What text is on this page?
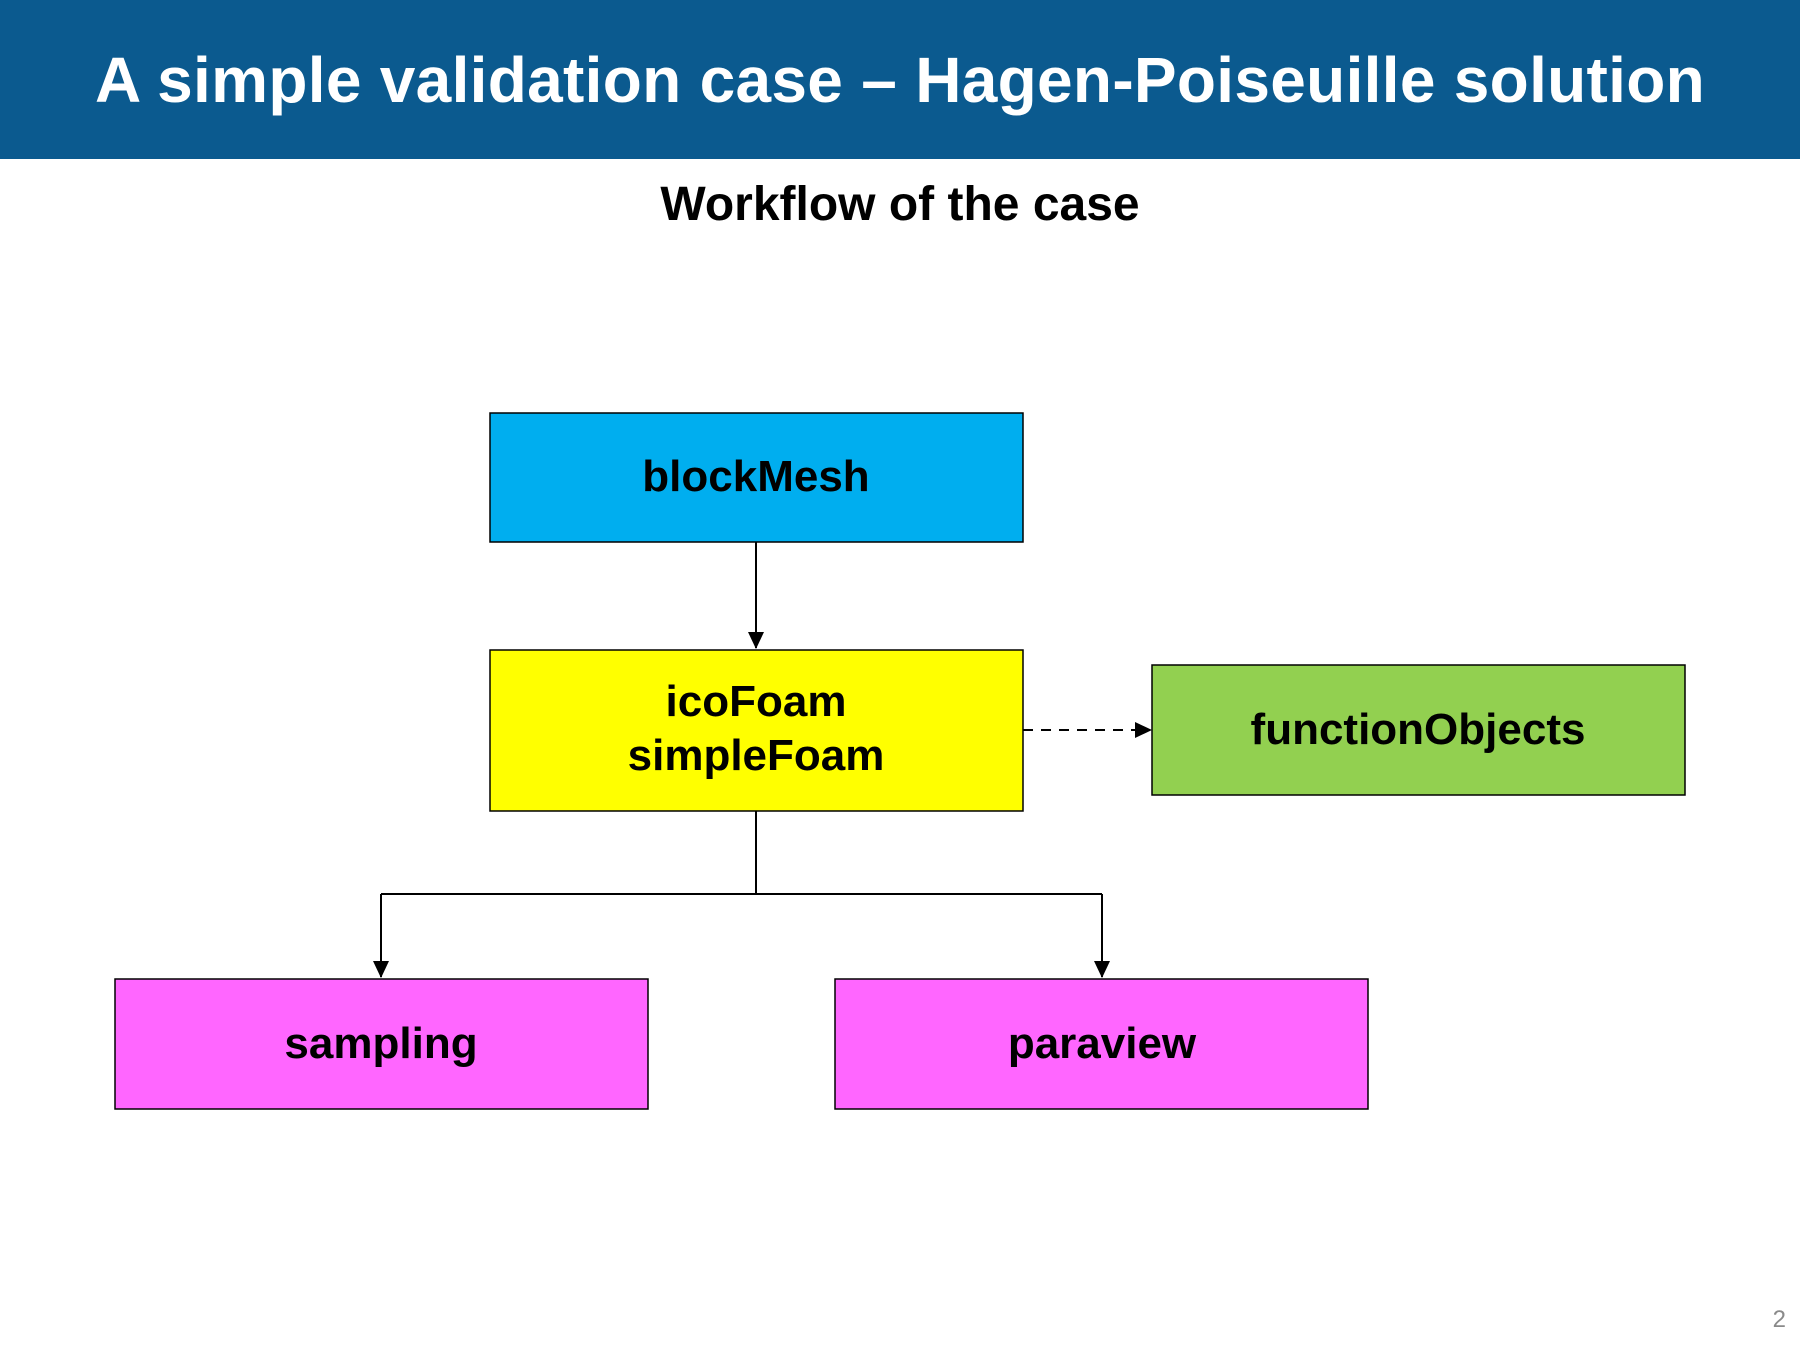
A simple validation case – Hagen-Poiseuille solution
Workflow of the case
blockMesh
icoFoam
simpleFoam
functionObjects
sampling	paraview
2
